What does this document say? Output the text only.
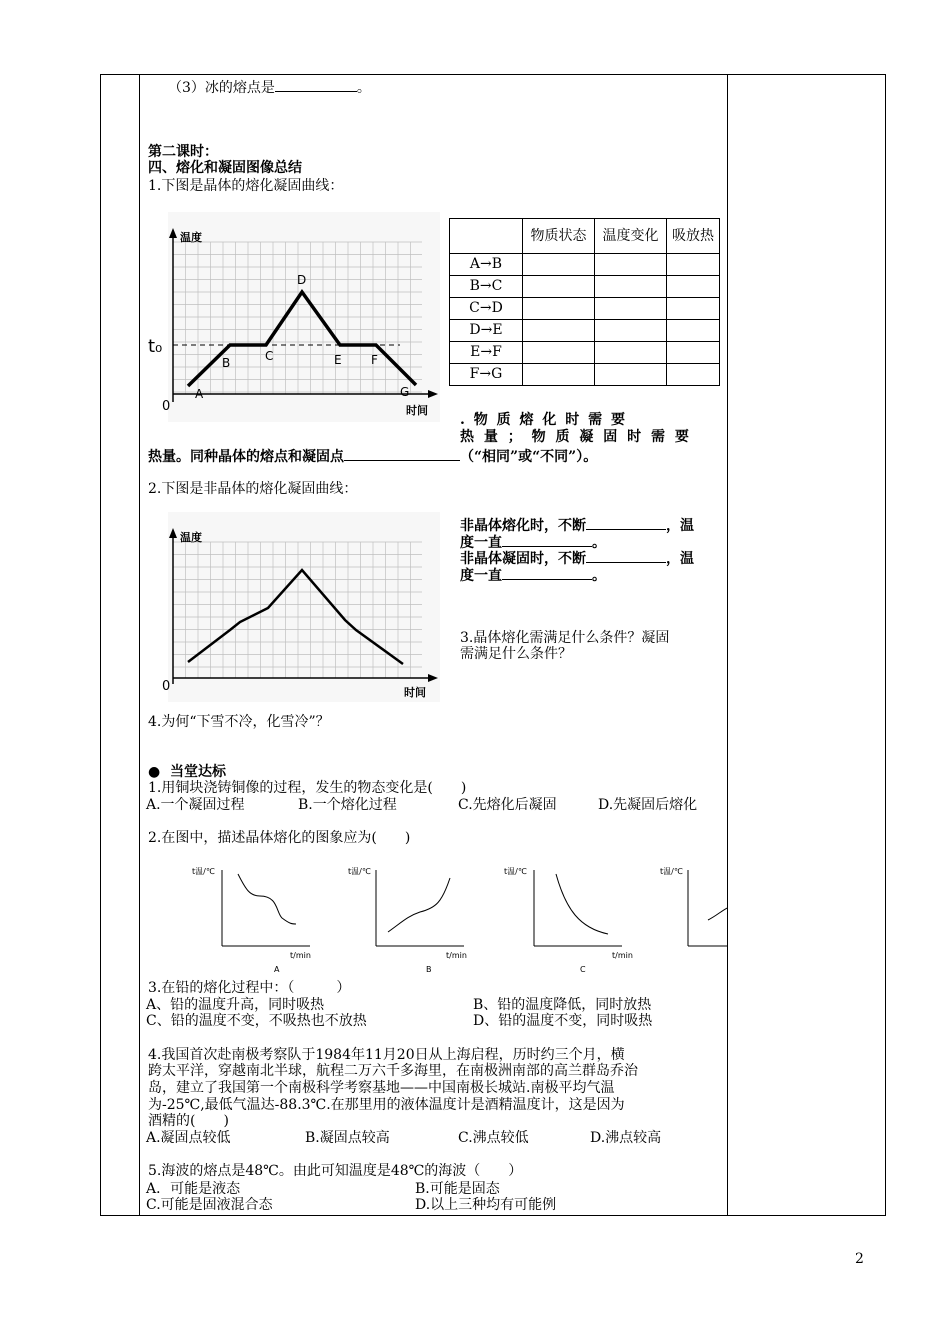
（3）冰的熔点是	。
第二课时：
四、熔化和凝固图像总结
1.下图是晶体的熔化凝固曲线：
温度
时间
t₀
0
A
B	C
D
E F
G
	物质状态	温度变化	吸放热
A→B			
B→C			
C→D			
D→E			
E→F			
F→G			
. 物 质 熔 化 时 需 要
热 量 ； 物 质 凝 固 时 需 要
热量。同种晶体的熔点和凝固点	（“相同”或“不同”）。
2.下图是非晶体的熔化凝固曲线：
温度
时间
0
非晶体熔化时，不断	，温
度一直	。
非晶体凝固时，不断	，温
度一直	。
3.晶体熔化需满足什么条件？凝固
需满足什么条件？
4.为何“下雪不冷，化雪冷”？
●  当堂达标
1.用铜块浇铸铜像的过程，发生的物态变化是(　　)
A.一个凝固过程	B.一个熔化过程	C.先熔化后凝固	D.先凝固后熔化
2.在图中，描述晶体熔化的图象应为(　　)
t温/℃
t/min
A
t温/℃
t/min
B
t温/℃
t/min
C
t温/℃
3.在铅的熔化过程中：（　　　）
A、铅的温度升高，同时吸热	B、铅的温度降低，同时放热
C、铅的温度不变，不吸热也不放热	D、铅的温度不变，同时吸热
4.我国首次赴南极考察队于1984年11月20日从上海启程，历时约三个月，横
跨太平洋，穿越南北半球，航程二万六千多海里，在南极洲南部的高兰群岛乔治
岛，建立了我国第一个南极科学考察基地——中国南极长城站.南极平均气温
为-25℃,最低气温达-88.3℃.在那里用的液体温度计是酒精温度计，这是因为
酒精的(　　)
A.凝固点较低	B.凝固点较高	C.沸点较低	D.沸点较高
5.海波的熔点是48℃。由此可知温度是48℃的海波（　　）
A．可能是液态	B.可能是固态
C.可能是固液混合态	D.以上三种均有可能例
2
